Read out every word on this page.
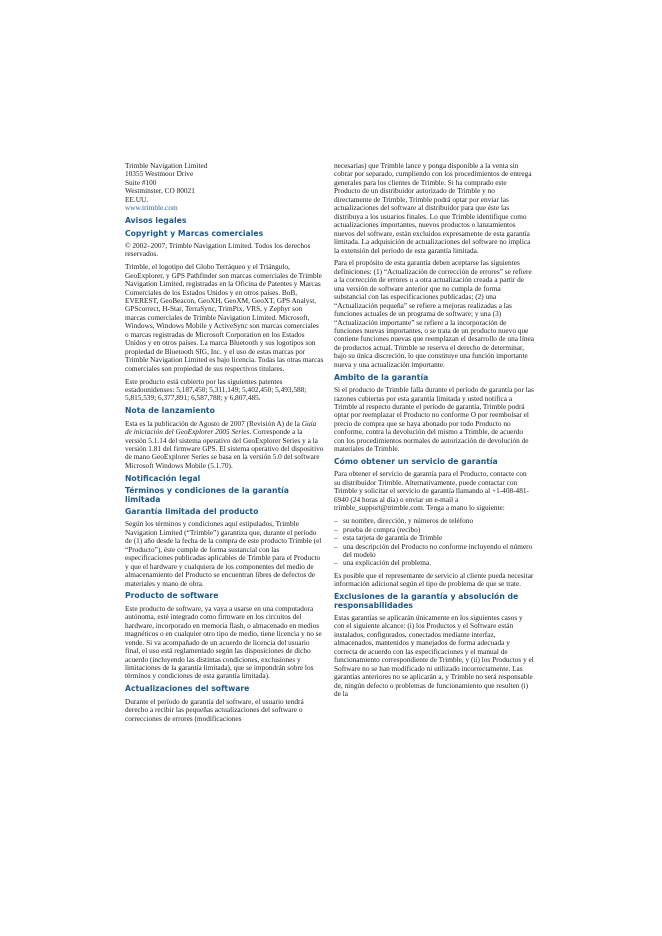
Trimble Navigation Limited
10355 Westmoor Drive
Suite #100
Westminster, CO 80021
EE.UU.

www.trimble.com

Avisos legales
Copyright y Marcas comerciales

© 2002–2007, Trimble Navigation Limited. Todos los derechos reservados.

Trimble, el logotipo del Globo Terráqueo y el Triángulo, GeoExplorer, y GPS Pathfinder son marcas comerciales de Trimble Navigation Limited, registradas en la Oficina de Patentes y Marcas Comerciales de los Estados Unidos y en otros países. BoB, EVEREST, GeoBeacon, GeoXH, GeoXM, GeoXT, GPS Analyst, GPScorrect, H-Star, TerraSync, TrimPix, VRS, y Zephyr son marcas comerciales de Trimble Navigation Limited. Microsoft, Windows, Windows Mobile y ActiveSync son marcas comerciales o marcas registradas de Microsoft Corporation en los Estados Unidos y en otros países. La marca Bluetooth y sus logotipos son propiedad de Bluetooth SIG, Inc. y el uso de estas marcas por Trimble Navigation Limited es bajo licencia. Todas las otras marcas comerciales son propiedad de sus respectivos titulares.

Este producto está cubierto por las siguientes patentes estadounidenses: 5,187,450; 5,311,149; 5,402,450; 5,493,588; 5,815,539; 6,377,891; 6,587,788; y 6,807,485.

Nota de lanzamiento

Esta es la publicación de Agosto de 2007 (Revisión A) de la Guía de iniciación del GeoExplorer 2005 Series. Corresponde a la versión 5.1.14 del sistema operativo del GeoExplorer Series y a la versión 1.81 del firmware GPS. El sistema operativo del dispositivo de mano GeoExplorer Series se basa en la versión 5.0 del software Microsoft Windows Mobile (5.1.70).

Notificación legal
Términos y condiciones de la garantía limitada
Garantía limitada del producto

Según los términos y condiciones aquí estipulados, Trimble Navigation Limited (“Trimble”) garantiza que, durante el período de (1) año desde la fecha de la compra de este producto Trimble (el “Producto”), éste cumple de forma sustancial con las especificaciones publicadas aplicables de Trimble para el Producto y que el hardware y cualquiera de los componentes del medio de almacenamiento del Producto se encuentran libres de defectos de materiales y mano de obra.

Producto de software

Este producto de software, ya vaya a usarse en una computadora autónoma, esté integrado como firmware en los circuitos del hardware, incorporado en memoria flash, o almacenado en medios magnéticos o en cualquier otro tipo de medio, tiene licencia y no se vende. Si va acompañado de un acuerdo de licencia del usuario final, el uso está reglamentado según las disposiciones de dicho acuerdo (incluyendo las distintas condiciones, exclusiones y limitaciones de la garantía limitada), que se impondrán sobre los términos y condiciones de esta garantía limitada).

Actualizaciones del software

Durante el período de garantía del software, el usuario tendrá derecho a recibir las pequeñas actualizaciones del software o correcciones de errores (modificaciones

necesarias) que Trimble lance y ponga disponible a la venta sin cobrar por separado, cumpliendo con los procedimientos de entrega generales para los clientes de Trimble. Si ha comprado este Producto de un distribuidor autorizado de Trimble y no directamente de Trimble, Trimble podrá optar por enviar las actualizaciones del software al distribuidor para que éste las distribuya a los usuarios finales. Lo que Trimble identifique como actualizaciones importantes, nuevos productos o lanzamientos nuevos del software, están excluidos expresamente de esta garantía limitada. La adquisición de actualizaciones del software no implica la extensión del período de esta garantía limitada.

Para el propósito de esta garantía deben aceptarse las siguientes definiciones: (1) “Actualización de corrección de errores” se refiere a la corrección de errores u a otra actualización creada a partir de una versión de software anterior que no cumpla de forma substancial con las especificaciones publicadas; (2) una “Actualización pequeña” se refiere a mejoras realizadas a las funciones actuales de un programa de software; y una (3) “Actualización importante” se refiere a la incorporación de funciones nuevas importantes, o se trata de un producto nuevo que contiene funciones nuevas que reemplazan el desarrollo de una línea de productos actual. Trimble se reserva el derecho de determinar, bajo su única discreción, lo que constituye una función importante nueva y una actualización importante.

Ambito de la garantía

Si el producto de Trimble falla durante el período de garantía por las razones cubiertas por esta garantía limitada y usted notifica a Trimble al respecto durante el período de garantía, Trimble podrá optar por reemplazar el Producto no conforme O por reembolsar el precio de compra que se haya abonado por todo Producto no conforme, contra la devolución del mismo a Trimble, de acuerdo con los procedimientos normales de autorización de devolución de materiales de Trimble.

Cómo obtener un servicio de garantía

Para obtener el servicio de garantía para el Producto, contacte con su distribuidor Trimble. Alternativamente, puede contactar con Trimble y solicitar el servicio de garantía llamando al +1-408-481-6940 (24 horas al día) o enviar un e-mail a trimble_support@trimble.com. Tenga a mano lo siguiente:

– su nombre, dirección, y números de teléfono
– prueba de compra (recibo)
– esta tarjeta de garantía de Trimble
– una descripción del Producto no conforme incluyendo el número del modelo
– una explicación del problema.

Es posible que el representante de servicio al cliente pueda necesitar información adicional según el tipo de problema de que se trate.

Exclusiones de la garantía y absolución de responsabilidades

Estas garantías se aplicarán únicamente en los siguientes casos y con el siguiente alcance: (i) los Productos y el Software están instalados, configurados, conectados mediante interfaz, almacenados, mantenidos y manejados de forma adecuada y correcta de acuerdo con las especificaciones y el manual de funcionamiento correspondiente de Trimble, y (ii) los Productos y el Software no se han modificado ni utilizado incorrectamente. Las garantías anteriores no se aplicarán a, y Trimble no será responsable de, ningún defecto o problemas de funcionamiento que resulten (i) de la
